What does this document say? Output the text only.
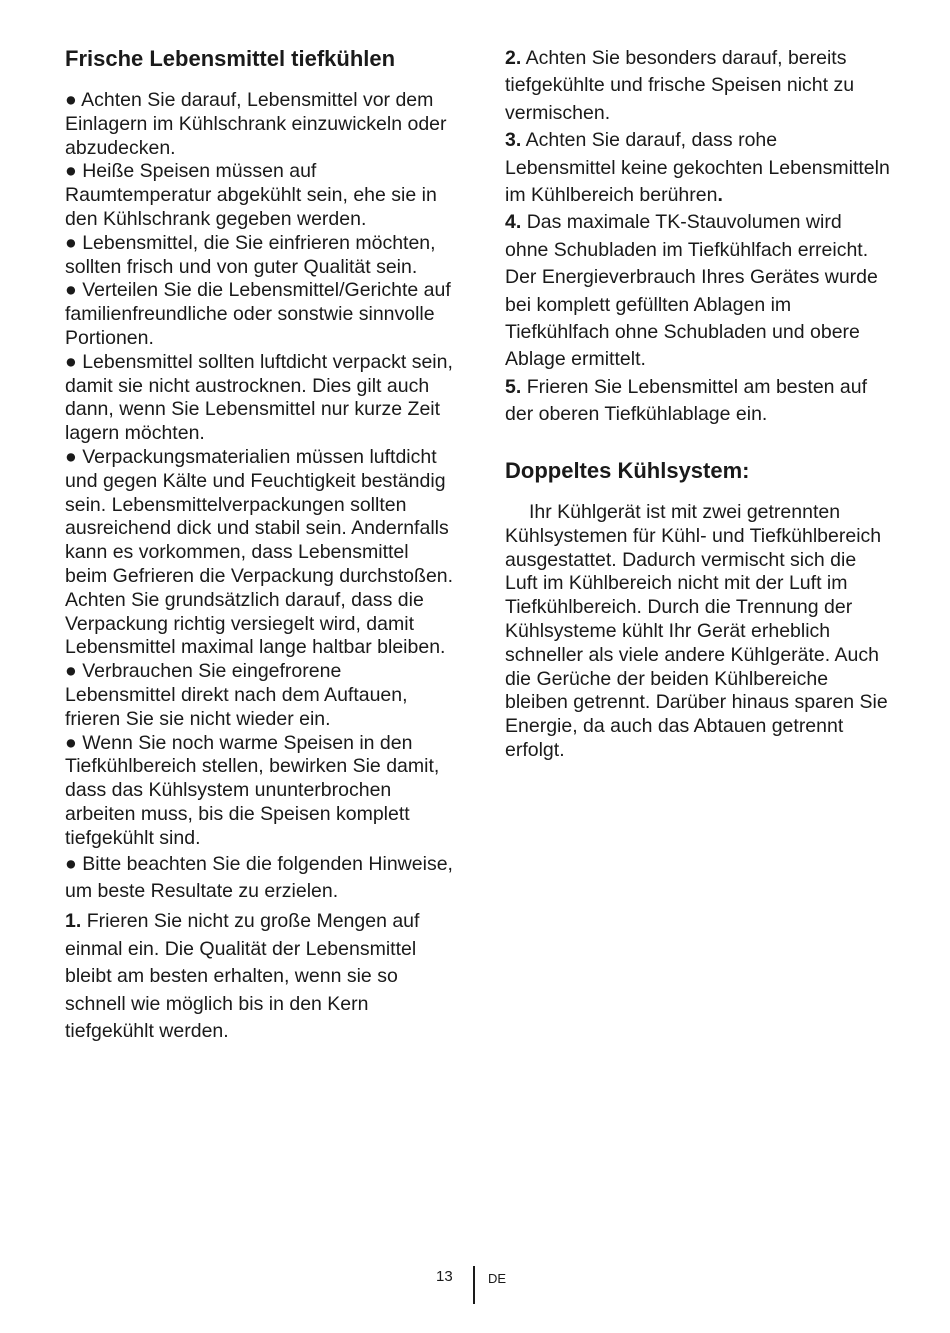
Frische Lebensmittel tiefkühlen

● Achten Sie darauf, Lebensmittel vor dem Einlagern im Kühlschrank einzuwickeln oder abzudecken.

● Heiße Speisen müssen auf Raumtemperatur abgekühlt sein, ehe sie in den Kühlschrank gegeben werden.

● Lebensmittel, die Sie einfrieren möchten, sollten frisch und von guter Qualität sein.

● Verteilen Sie die Lebensmittel/Gerichte auf familienfreundliche oder sonstwie sinnvolle Portionen.

● Lebensmittel sollten luftdicht verpackt sein, damit sie nicht austrocknen. Dies gilt auch dann, wenn Sie Lebensmittel nur kurze Zeit lagern möchten.

● Verpackungsmaterialien müssen luftdicht und gegen Kälte und Feuchtigkeit beständig sein. Lebensmittelverpackungen sollten ausreichend dick und stabil sein. Andernfalls kann es vorkommen, dass Lebensmittel beim Gefrieren die Verpackung durchstoßen. Achten Sie grundsätzlich darauf, dass die Verpackung richtig versiegelt wird, damit Lebensmittel maximal lange haltbar bleiben.

● Verbrauchen Sie eingefrorene Lebensmittel direkt nach dem Auftauen, frieren Sie sie nicht wieder ein.

● Wenn Sie noch warme Speisen in den Tiefkühlbereich stellen, bewirken Sie damit, dass das Kühlsystem ununterbrochen arbeiten muss, bis die Speisen komplett tiefgekühlt sind.

● Bitte beachten Sie die folgenden Hinweise, um beste Resultate zu erzielen.

1. Frieren Sie nicht zu große Mengen auf einmal ein. Die Qualität der Lebensmittel bleibt am besten erhalten, wenn sie so schnell wie möglich bis in den Kern tiefgekühlt werden.

2. Achten Sie besonders darauf, bereits tiefgekühlte und frische Speisen nicht zu vermischen.

3. Achten Sie darauf, dass rohe Lebensmittel keine gekochten Lebensmitteln im Kühlbereich berühren.

4. Das maximale TK-Stauvolumen wird ohne Schubladen im Tiefkühlfach erreicht. Der Energieverbrauch Ihres Gerätes wurde bei komplett gefüllten Ablagen im Tiefkühlfach ohne Schubladen und obere Ablage ermittelt.

5. Frieren Sie Lebensmittel am besten auf der oberen Tiefkühlablage ein.

Doppeltes Kühlsystem:

Ihr Kühlgerät ist mit zwei getrennten Kühlsystemen für Kühl- und Tiefkühlbereich ausgestattet. Dadurch vermischt sich die Luft im Kühlbereich nicht mit der Luft im Tiefkühlbereich. Durch die Trennung der Kühlsysteme kühlt Ihr Gerät erheblich schneller als viele andere Kühlgeräte. Auch die Gerüche der beiden Kühlbereiche bleiben getrennt. Darüber hinaus sparen Sie Energie, da auch das Abtauen getrennt erfolgt.

13	DE
